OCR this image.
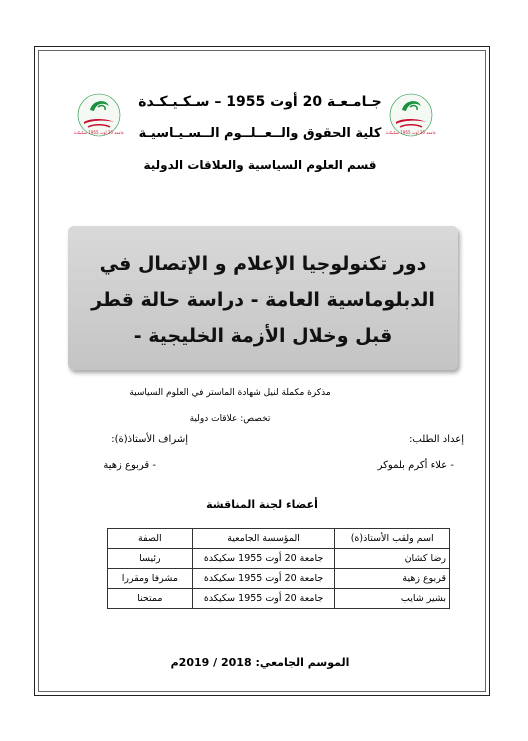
جامعة 20 أوت 1955 سكيكدة	جامعة 20 أوت 1955 سكيكدة
جـامـعـة 20 أوت 1955 – سـكـيـكـدة
كلية الحقوق والــعــلــوم الــسـيـاسيـة
قسم العلوم السياسية والعلاقات الدولية
دور تكنولوجيا الإعلام و الإتصال في
الدبلوماسية العامة - دراسة حالة قطر
قبل وخلال الأزمة الخليجية -
مذكرة مكملة لنيل شهادة الماستر في العلوم السياسية
تخصص: علاقات دولية
إعداد الطلب:
- علاء أكرم بلموكر
إشراف الأستاذ(ة):
- قربوع زهية
أعضاء لجنة المناقشة
اسم ولقب الأستاذ(ة)	المؤسسة الجامعية	الصفة
رضا كشان	جامعة 20 أوت 1955 سكيكدة	رئيسا
قربوع زهية	جامعة 20 أوت 1955 سكيكدة	مشرفا ومقررا
بشير شايب	جامعة 20 أوت 1955 سكيكدة	ممتحنا
الموسم الجامعي: 2018 / 2019م
